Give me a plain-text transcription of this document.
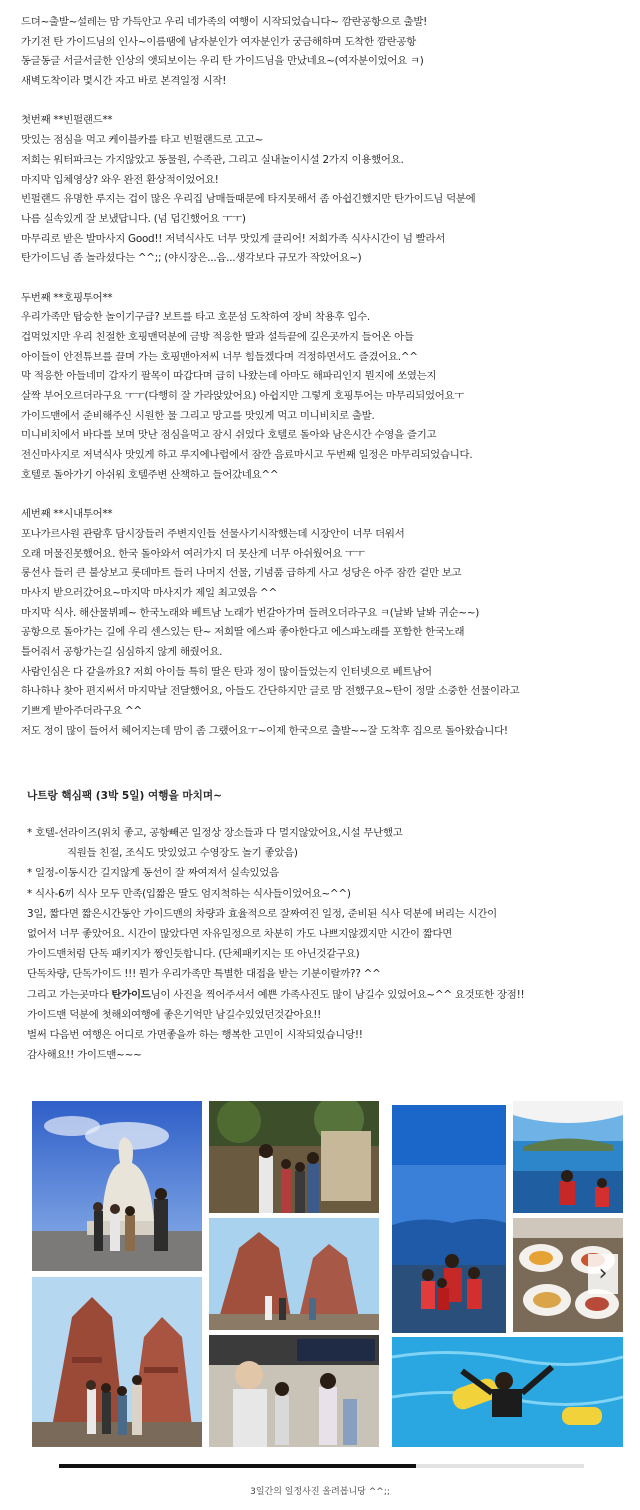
드뎌~출발~설레는 맘 가득안고 우리 네가족의 여행이 시작되었습니다~ 깜란공항으로 출발!
가기전 탄 가이드님의 인사~이름땜에 남자분인가 여자분인가 궁금해하며 도착한 깜란공항
동글동글 서글서글한 인상의 앳되보이는 우리 탄 가이드님을 만났네요~(여자분이었어요 ㅋ)
새벽도착이라 몇시간 자고 바로 본격일정 시작!
첫번째 **빈펄랜드**
맛있는 점심을 먹고 케이블카를 타고 빈펄랜드로 고고~
저희는 워터파크는 가지않았고 동물원, 수족관, 그리고 실내놀이시설 2가지 이용했어요.
마지막 입체영상? 와우 완전 환상적이었어요!
빈펄랜드 유명한 루지는 겁이 많은 우리집 남매들때문에 타지못해서 좀 아쉽긴했지만 탄가이드님 덕분에
나름 실속있게 잘 보냈답니다. (넘 덥긴했어요 ㅜㅜ)
마무리로 받은 발마사지 Good!! 저녁식사도 너무 맛있게 클리어! 저희가족 식사시간이 넘 빨라서
탄가이드님 좀 놀라셨다는 ^^;; (야시장은...음...생각보다 규모가 작았어요~)
두번째 **호핑투어**
우리가족만 탑승한 놀이기구급? 보트를 타고 호문섬 도착하여 장비 착용후 입수.
겁먹었지만 우리 친절한 호핑맨덕분에 금방 적응한 딸과 설득끝에 깊은곳까지 들어온 아들
아이들이 안전튜브를 끌며 가는 호핑맨아저씨 너무 힘들겠다며 걱정하면서도 즐겼어요.^^
막 적응한 아들네미 갑자기 팔목이 따갑다며 급히 나왔는데 아마도 해파리인지 뭔지에 쏘였는지
살짝 부어오르더라구요 ㅜㅜ(다행히 잘 가라앉았어요) 아쉽지만 그렇게 호핑투어는 마무리되었어요ㅜ
가이드맨에서 준비해주신 시원한 물 그리고 망고를 맛있게 먹고 미니비치로 출발.
미니비치에서 바다를 보며 맛난 점심을먹고 잠시 쉬었다 호텔로 돌아와 남은시간 수영을 즐기고
전신마사지로 저녁식사 맛있게 하고 루지에나럽에서 잠깐 음료마시고 두번째 일정은 마무리되었습니다.
호텔로 돌아가기 아쉬워 호텔주변 산책하고 들어갔네요^^
세번째 **시내투어**
포나가르사원 관람후 담시장들러 주변지인들 선물사기시작했는데 시장안이 너무 더워서
오래 머물진못했어요. 한국 돌아와서 여러가지 더 못산게 너무 아쉬웠어요 ㅜㅜ
롱선사 들러 큰 불상보고 롯데마트 들러 나머지 선물, 기념품 급하게 사고 성당은 아주 잠깐 겉만 보고
마사지 받으러갔어요~마지막 마사지가 제일 최고였음 ^^
마지막 식사. 해산물뷔페~ 한국노래와 베트남 노래가 번갈아가며 들려오더라구요 ㅋ(날봐 날봐 귀순~~)
공항으로 돌아가는 길에 우리 센스있는 탄~ 저희딸 에스파 좋아한다고 에스파노래를 포함한 한국노래
틀어줘서 공항가는길 심심하지 않게 해줬어요.
사람인심은 다 같을까요? 저희 아이들 특히 딸은 탄과 정이 많이들었는지 인터넷으로 베트남어
하나하나 찾아 편지써서 마지막날 전달했어요, 아들도 간단하지만 글로 맘 전했구요~탄이 정말 소중한 선물이라고
기쁘게 받아주더라구요 ^^
저도 정이 많이 들어서 헤어지는데 맘이 좀 그랬어요ㅜ~이제 한국으로 출발~~잘 도착후 집으로 돌아왔습니다!
나트랑 핵심팩 (3박 5일) 여행을 마치며~
* 호텔-선라이즈(위치 좋고, 공항빼곤 일정상 장소들과 다 멀지않았어요,시설 무난했고
직원들 친절, 조식도 맛있었고 수영장도 놀기 좋았음)
* 일정-이동시간 길지않게 동선이 잘 짜여져서 실속있었음
* 식사-6끼 식사 모두 만족(입짧은 딸도 엄지척하는 식사들이었어요~^^)
3일, 짧다면 짧은시간동안 가이드맨의 차량과 효율적으로 잘짜여진 일정, 준비된 식사 덕분에 버리는 시간이
없어서 너무 좋았어요. 시간이 많았다면 자유일정으로 차분히 가도 나쁘지않겠지만 시간이 짧다면
가이드맨처럼 단독 패키지가 짱인듯합니다. (단체패키지는 또 아닌것같구요)
단독차량, 단독가이드 !!! 뭔가 우리가족만 특별한 대접을 받는 기분이랄까?? ^^
그리고 가는곳마다 탄가이드님이 사진을 찍어주셔서 예쁜 가족사진도 많이 남길수 있었어요~^^ 요것또한 장점!!
가이드맨 덕분에 첫해외여행에 좋은기억만 남길수있었던것같아요!!
벌써 다음번 여행은 어디로 가면좋을까 하는 행복한 고민이 시작되었습니당!!
감사해요!! 가이드맨~~~
›
3일간의 일정사진 올려봅니당 ^^;;
